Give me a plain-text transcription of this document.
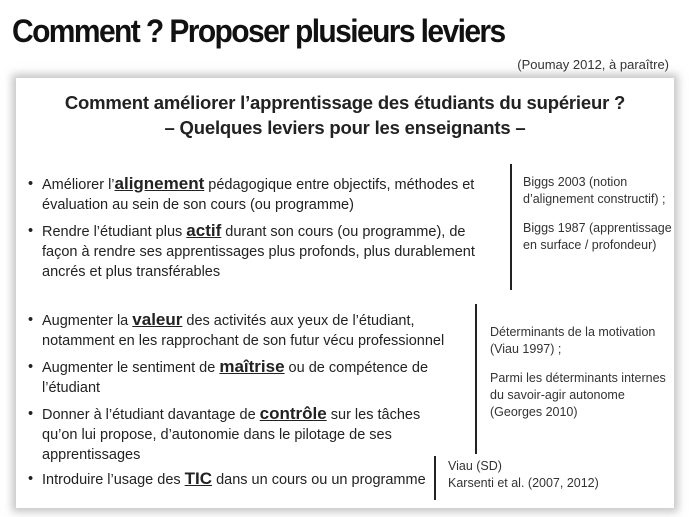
Comment ? Proposer plusieurs leviers
(Poumay 2012, à paraître)
Comment améliorer l’apprentissage des étudiants du supérieur ?
– Quelques leviers pour les enseignants –
• Améliorer l’alignement pédagogique entre objectifs, méthodes et évaluation au sein de son cours (ou programme)
• Rendre l’étudiant plus actif durant son cours (ou programme), de façon à rendre ses apprentissages plus profonds, plus durablement ancrés et plus transférables
Biggs 2003 (notion d’alignement constructif) ;
Biggs 1987 (apprentissage en surface / profondeur)
• Augmenter la valeur des activités aux yeux de l’étudiant, notamment en les rapprochant de son futur vécu professionnel
• Augmenter le sentiment de maîtrise ou de compétence de l’étudiant
• Donner à l’étudiant davantage de contrôle sur les tâches qu’on lui propose, d’autonomie dans le pilotage de ses apprentissages
Déterminants de la motivation (Viau 1997) ;
Parmi les déterminants internes du savoir-agir autonome (Georges 2010)
• Introduire l’usage des TIC dans un cours ou un programme
Viau (SD)
Karsenti et al. (2007, 2012)
